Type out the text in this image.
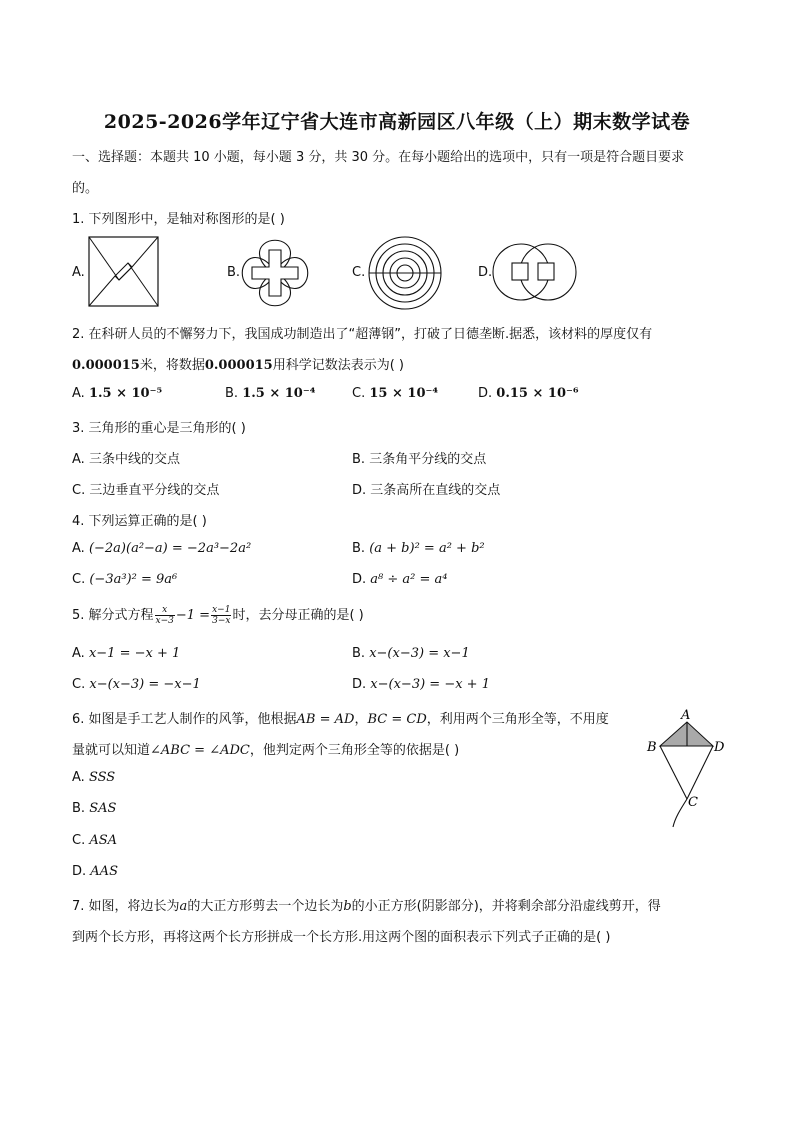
2025-2026学年辽宁省大连市高新园区八年级（上）期末数学试卷
一、选择题：本题共 10 小题，每小题 3 分，共 30 分。在每小题给出的选项中，只有一项是符合题目要求
的。
1. 下列图形中，是轴对称图形的是( )
A.	B.	C.	D.
2. 在科研人员的不懈努力下，我国成功制造出了“超薄钢”，打破了日德垄断.据悉，该材料的厚度仅有
0.000015米，将数据0.000015用科学记数法表示为( )
A. 1.5 × 10⁻⁵	B. 1.5 × 10⁻⁴	C. 15 × 10⁻⁴	D. 0.15 × 10⁻⁶
3. 三角形的重心是三角形的( )
A. 三条中线的交点	B. 三条角平分线的交点
C. 三边垂直平分线的交点	D. 三条高所在直线的交点
4. 下列运算正确的是( )
A. (−2a)(a²−a) = −2a³−2a²	B. (a + b)² = a² + b²
C. (−3a³)² = 9a⁶	D. a⁸ ÷ a² = a⁴
5. 解分式方程 $\frac{x}{x-3} -1 = \frac{x-1}{3-x}$ 时，去分母正确的是( )
A. x−1 = −x + 1	B. x−(x−3) = x−1
C. x−(x−3) = −x−1	D. x−(x−3) = −x + 1
6. 如图是手工艺人制作的风筝，他根据AB = AD，BC = CD，利用两个三角形全等，不用度
量就可以知道∠ABC = ∠ADC，他判定两个三角形全等的依据是( )
A. SSS
B. SAS
C. ASA
D. AAS
A
B	D
C
7. 如图，将边长为a的大正方形剪去一个边长为b的小正方形(阴影部分)，并将剩余部分沿虚线剪开，得
到两个长方形，再将这两个长方形拼成一个长方形.用这两个图的面积表示下列式子正确的是( )
